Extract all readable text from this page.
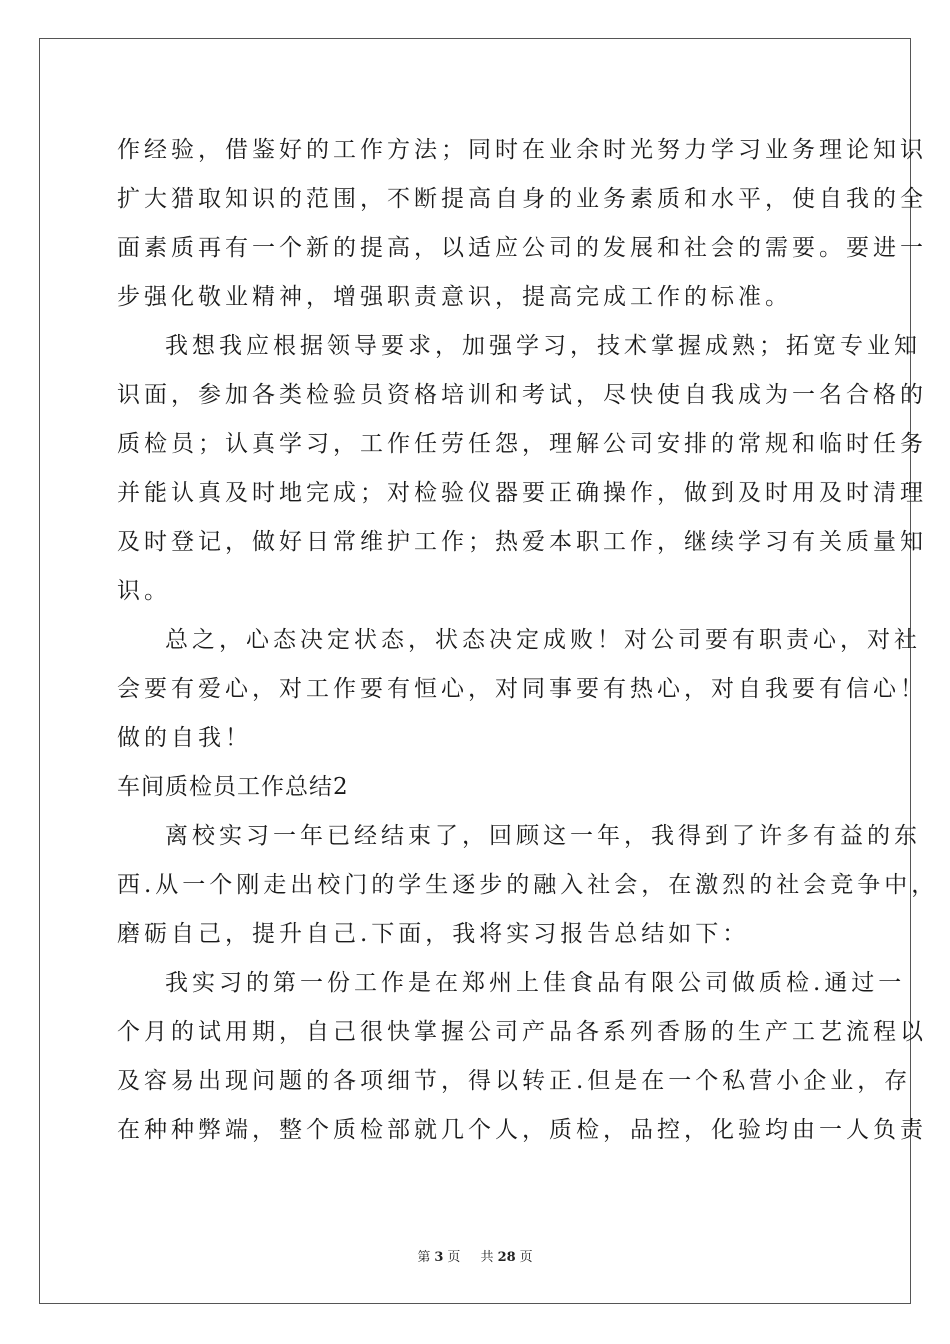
作经验，借鉴好的工作方法；同时在业余时光努力学习业务理论知识
扩大猎取知识的范围，不断提高自身的业务素质和水平，使自我的全
面素质再有一个新的提高，以适应公司的发展和社会的需要。要进一
步强化敬业精神，增强职责意识，提高完成工作的标准。
我想我应根据领导要求，加强学习，技术掌握成熟；拓宽专业知
识面，参加各类检验员资格培训和考试，尽快使自我成为一名合格的
质检员；认真学习，工作任劳任怨，理解公司安排的常规和临时任务
并能认真及时地完成；对检验仪器要正确操作，做到及时用及时清理
及时登记，做好日常维护工作；热爱本职工作，继续学习有关质量知
识。
总之，心态决定状态，状态决定成败！对公司要有职责心，对社
会要有爱心，对工作要有恒心，对同事要有热心，对自我要有信心！
做的自我！
车间质检员工作总结2
离校实习一年已经结束了，回顾这一年，我得到了许多有益的东
西.从一个刚走出校门的学生逐步的融入社会，在激烈的社会竞争中，
磨砺自己，提升自己.下面，我将实习报告总结如下：
我实习的第一份工作是在郑州上佳食品有限公司做质检.通过一
个月的试用期，自己很快掌握公司产品各系列香肠的生产工艺流程以
及容易出现问题的各项细节，得以转正.但是在一个私营小企业，存
在种种弊端，整个质检部就几个人，质检，品控，化验均由一人负责
第 3 页 共 28 页
